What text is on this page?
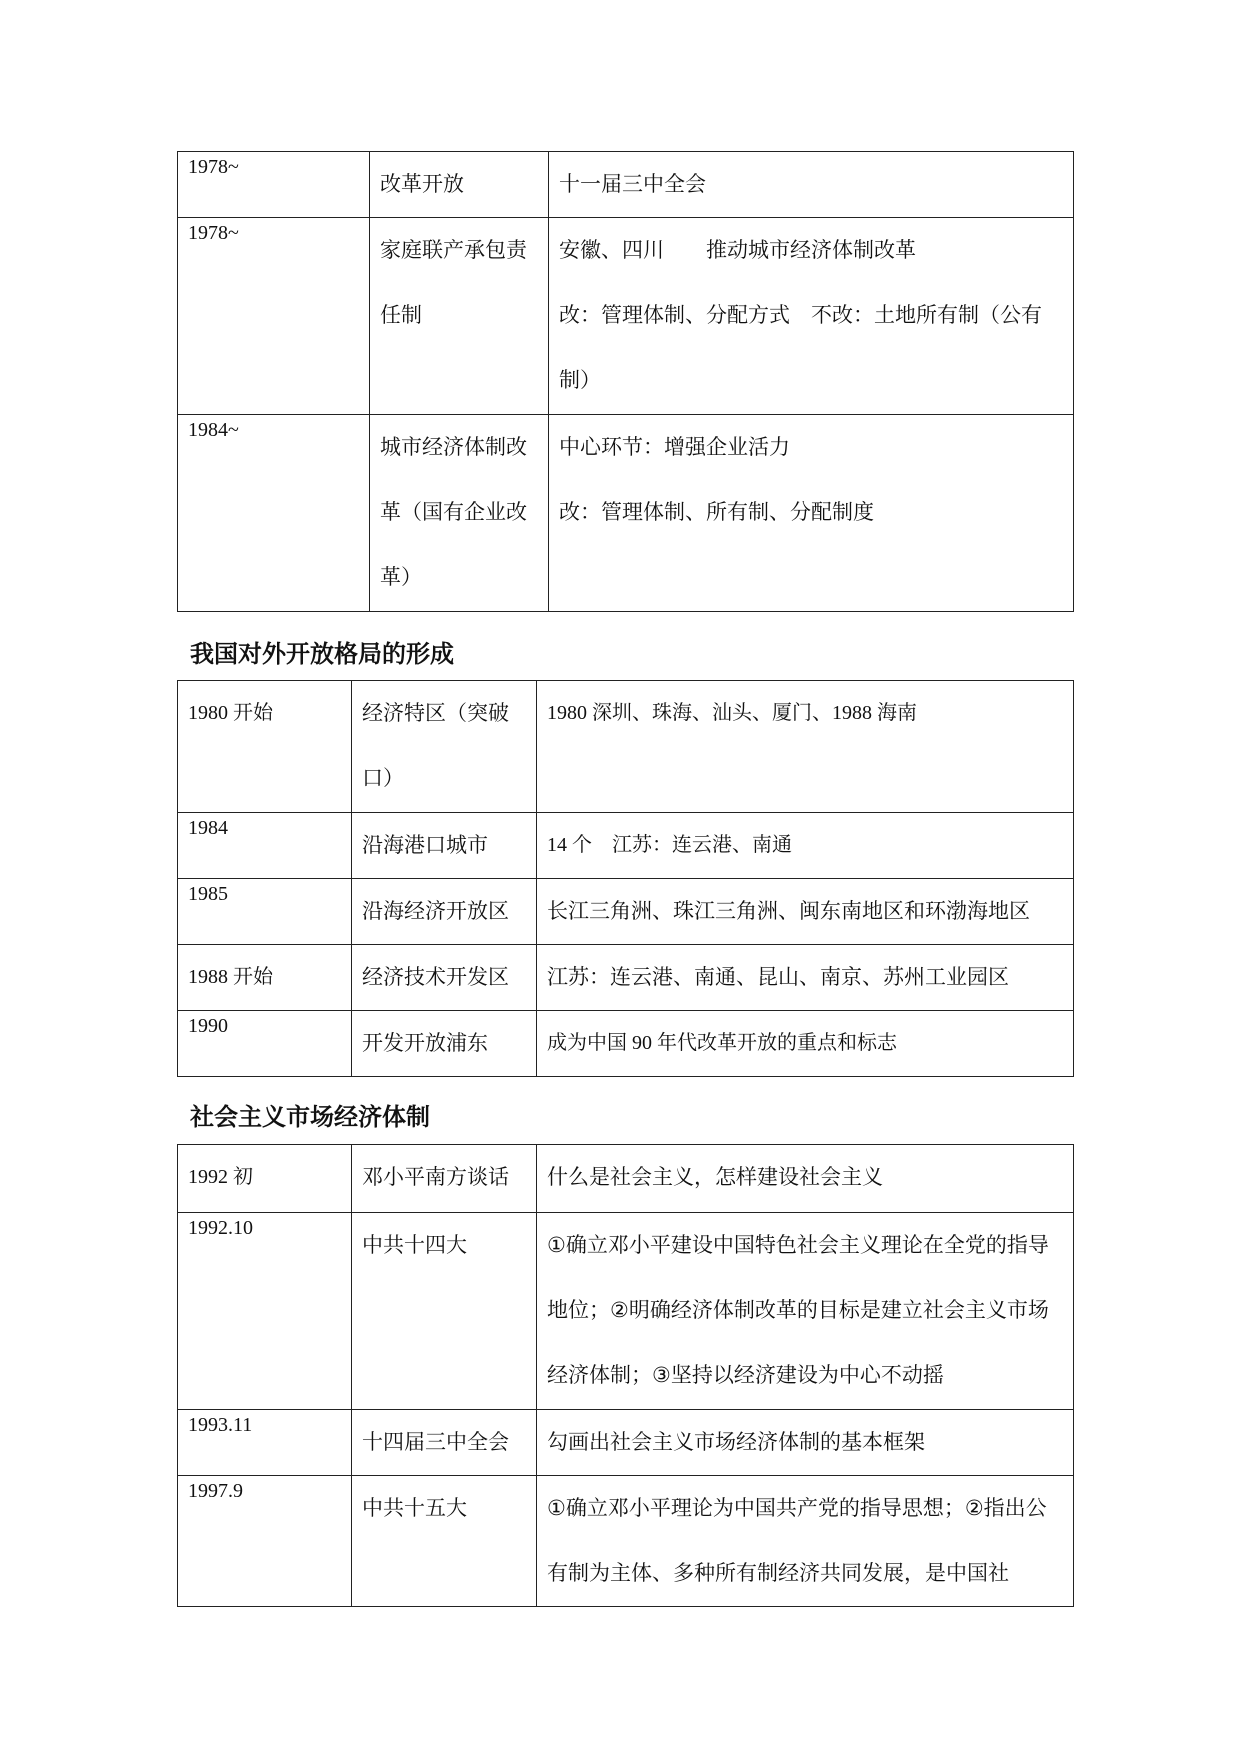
1978~	改革开放	十一届三中全会
1978~	家庭联产承包责任制	安徽、四川　　推动城市经济体制改革
改：管理体制、分配方式　不改：土地所有制（公有制）

1984~	城市经济体制改革（国有企业改革）	中心环节：增强企业活力
改：管理体制、所有制、分配制度
我国对外开放格局的形成
1980 开始	经济特区（突破口）	1980 深圳、珠海、汕头、厦门、1988 海南
1984	沿海港口城市	14 个　江苏：连云港、南通
1985	沿海经济开放区	长江三角洲、珠江三角洲、闽东南地区和环渤海地区
1988 开始	经济技术开发区	江苏：连云港、南通、昆山、南京、苏州工业园区
1990	开发开放浦东	成为中国 90 年代改革开放的重点和标志
社会主义市场经济体制
1992 初	邓小平南方谈话	什么是社会主义，怎样建设社会主义
1992.10	中共十四大	①确立邓小平建设中国特色社会主义理论在全党的指导地位；②明确经济体制改革的目标是建立社会主义市场经济体制；③坚持以经济建设为中心不动摇
1993.11	十四届三中全会	勾画出社会主义市场经济体制的基本框架
1997.9	中共十五大	①确立邓小平理论为中国共产党的指导思想；②指出公有制为主体、多种所有制经济共同发展，是中国社
